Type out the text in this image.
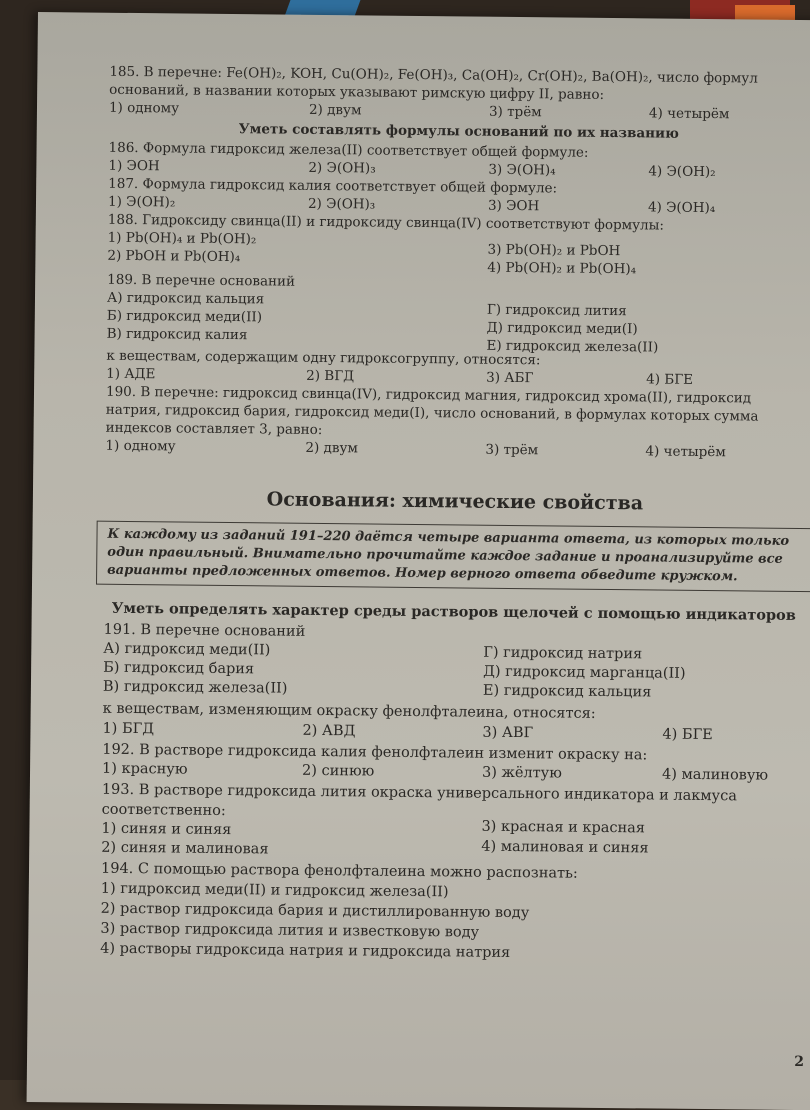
185. В перечне: Fe(OH)₂, KOH, Cu(OH)₂, Fe(OH)₃, Ca(OH)₂, Cr(OH)₂, Ba(OH)₂, число формул оснований, в названии которых указывают римскую цифру II, равно:

1) одному	2) двум	3) трём	4) четырём
Уметь составлять формулы оснований по их названию

186. Формула гидроксид железа(II) соответствует общей формуле:

1) ЭОН	2) Э(OH)₃	3) Э(OH)₄	4) Э(OH)₂

187. Формула гидроксид калия соответствует общей формуле:

1) Э(OH)₂	2) Э(OH)₃	3) ЭОН	4) Э(OH)₄

188. Гидроксиду свинца(II) и гидроксиду свинца(IV) соответствуют формулы:

1) Pb(OH)₄ и Pb(OH)₂
2) PbOH и Pb(OH)₄	3) Pb(OH)₂ и PbOH
4) Pb(OH)₂ и Pb(OH)₄

189. В перечне оснований

А) гидроксид кальция
Б) гидроксид меди(II)
В) гидроксид калия
Г) гидроксид лития
Д) гидроксид меди(I)
Е) гидроксид железа(II)

к веществам, содержащим одну гидроксогруппу, относятся:

1) АДЕ	2) ВГД	3) АБГ	4) БГЕ

190. В перечне: гидроксид свинца(IV), гидроксид магния, гидроксид хрома(II), гидроксид натрия, гидроксид бария, гидроксид меди(I), число оснований, в формулах которых сумма индексов составляет 3, равно:

1) одному	2) двум	3) трём	4) четырём
Основания: химические свойства
К каждому из заданий 191–220 даётся четыре варианта ответа, из которых только один правильный. Внимательно прочитайте каждое задание и проанализируйте все варианты предложенных ответов. Номер верного ответа обведите кружком.
Уметь определять характер среды растворов щелочей с помощью индикаторов

191. В перечне оснований

А) гидроксид меди(II)
Б) гидроксид бария
В) гидроксид железа(II)
Г) гидроксид натрия
Д) гидроксид марганца(II)
Е) гидроксид кальция

к веществам, изменяющим окраску фенолфталеина, относятся:

1) БГД	2) АВД	3) АВГ	4) БГЕ

192. В растворе гидроксида калия фенолфталеин изменит окраску на:

1) красную	2) синюю	3) жёлтую	4) малиновую

193. В растворе гидроксида лития окраска универсального индикатора и лакмуса соответственно:

1) синяя и синяя
2) синяя и малиновая
3) красная и красная
4) малиновая и синяя

194. С помощью раствора фенолфталеина можно распознать:

1) гидроксид меди(II) и гидроксид железа(II)
2) раствор гидроксида бария и дистиллированную воду
3) раствор гидроксида лития и известковую воду
4) растворы гидроксида натрия и гидроксида натрия
2
